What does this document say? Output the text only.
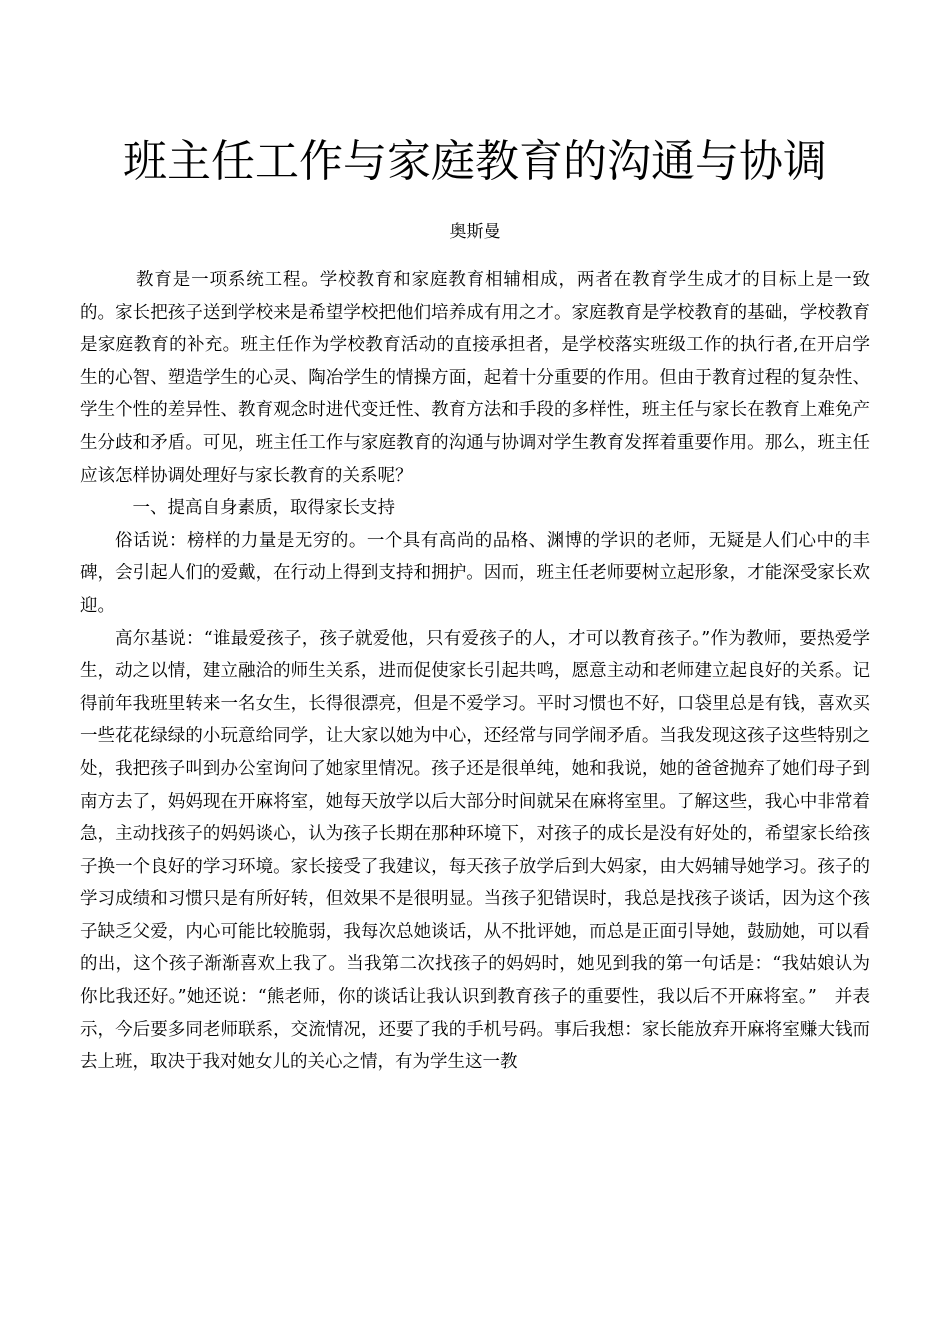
班主任工作与家庭教育的沟通与协调
奥斯曼

教育是一项系统工程。学校教育和家庭教育相辅相成，两者在教育学生成才的目标上是一致的。家长把孩子送到学校来是希望学校把他们培养成有用之才。家庭教育是学校教育的基础，学校教育是家庭教育的补充。班主任作为学校教育活动的直接承担者，是学校落实班级工作的执行者,在开启学生的心智、塑造学生的心灵、陶冶学生的情操方面，起着十分重要的作用。但由于教育过程的复杂性、学生个性的差异性、教育观念时进代变迁性、教育方法和手段的多样性，班主任与家长在教育上难免产生分歧和矛盾。可见，班主任工作与家庭教育的沟通与协调对学生教育发挥着重要作用。那么，班主任应该怎样协调处理好与家长教育的关系呢？

一、提高自身素质，取得家长支持

俗话说：榜样的力量是无穷的。一个具有高尚的品格、渊博的学识的老师，无疑是人们心中的丰碑，会引起人们的爱戴，在行动上得到支持和拥护。因而，班主任老师要树立起形象，才能深受家长欢迎。

高尔基说：“谁最爱孩子，孩子就爱他，只有爱孩子的人，才可以教育孩子。”作为教师，要热爱学生，动之以情，建立融洽的师生关系，进而促使家长引起共鸣，愿意主动和老师建立起良好的关系。记得前年我班里转来一名女生，长得很漂亮，但是不爱学习。平时习惯也不好，口袋里总是有钱，喜欢买一些花花绿绿的小玩意给同学，让大家以她为中心，还经常与同学闹矛盾。当我发现这孩子这些特别之处，我把孩子叫到办公室询问了她家里情况。孩子还是很单纯，她和我说，她的爸爸抛弃了她们母子到南方去了，妈妈现在开麻将室，她每天放学以后大部分时间就呆在麻将室里。了解这些，我心中非常着急，主动找孩子的妈妈谈心，认为孩子长期在那种环境下，对孩子的成长是没有好处的，希望家长给孩子换一个良好的学习环境。家长接受了我建议，每天孩子放学后到大妈家，由大妈辅导她学习。孩子的学习成绩和习惯只是有所好转，但效果不是很明显。当孩子犯错误时，我总是找孩子谈话，因为这个孩子缺乏父爱，内心可能比较脆弱，我每次总她谈话，从不批评她，而总是正面引导她，鼓励她，可以看的出，这个孩子渐渐喜欢上我了。当我第二次找孩子的妈妈时，她见到我的第一句话是：“我姑娘认为你比我还好。”她还说：“熊老师，你的谈话让我认识到教育孩子的重要性，我以后不开麻将室。”　并表示，今后要多同老师联系，交流情况，还要了我的手机号码。事后我想：家长能放弃开麻将室赚大钱而去上班，取决于我对她女儿的关心之情，有为学生这一教
